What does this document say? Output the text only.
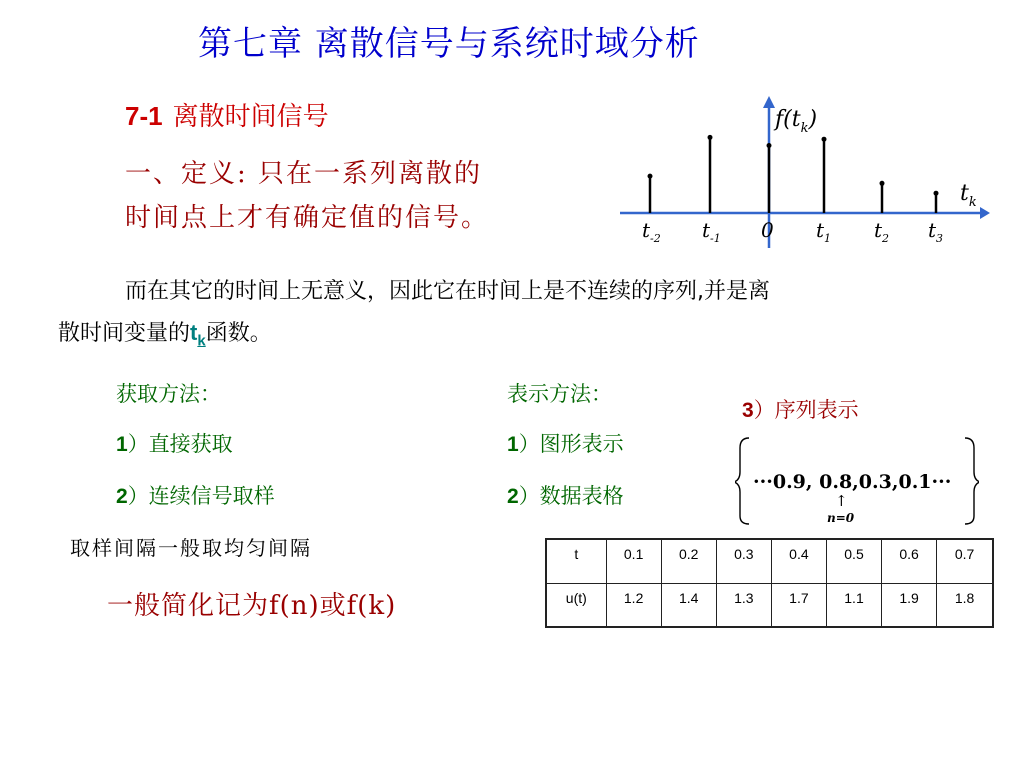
第七章 离散信号与系统时域分析
7-1 离散时间信号
一、定义: 只在一系列离散的
时间点上才有确定值的信号。	$t_{-2}$ $t_{-1}$ 0 $t_1$ $t_2$ $t_3$
$f(t_k)$
$t_k$
而在其它的时间上无意义，因此它在时间上是不连续的序列,并是离
散时间变量的$t_k$函数。
获取方法：
1）直接获取
2）连续信号取样
表示方法：
1）图形表示
2）数据表格
3）序列表示
···0.9, 0.8,0.3,0.1···
↑
n=0
取样间隔一般取均匀间隔
一般简化记为f(n)或f(k)
t	0.1	0.2	0.3	0.4	0.5	0.6	0.7
u(t)	1.2	1.4	1.3	1.7	1.1	1.9	1.8
